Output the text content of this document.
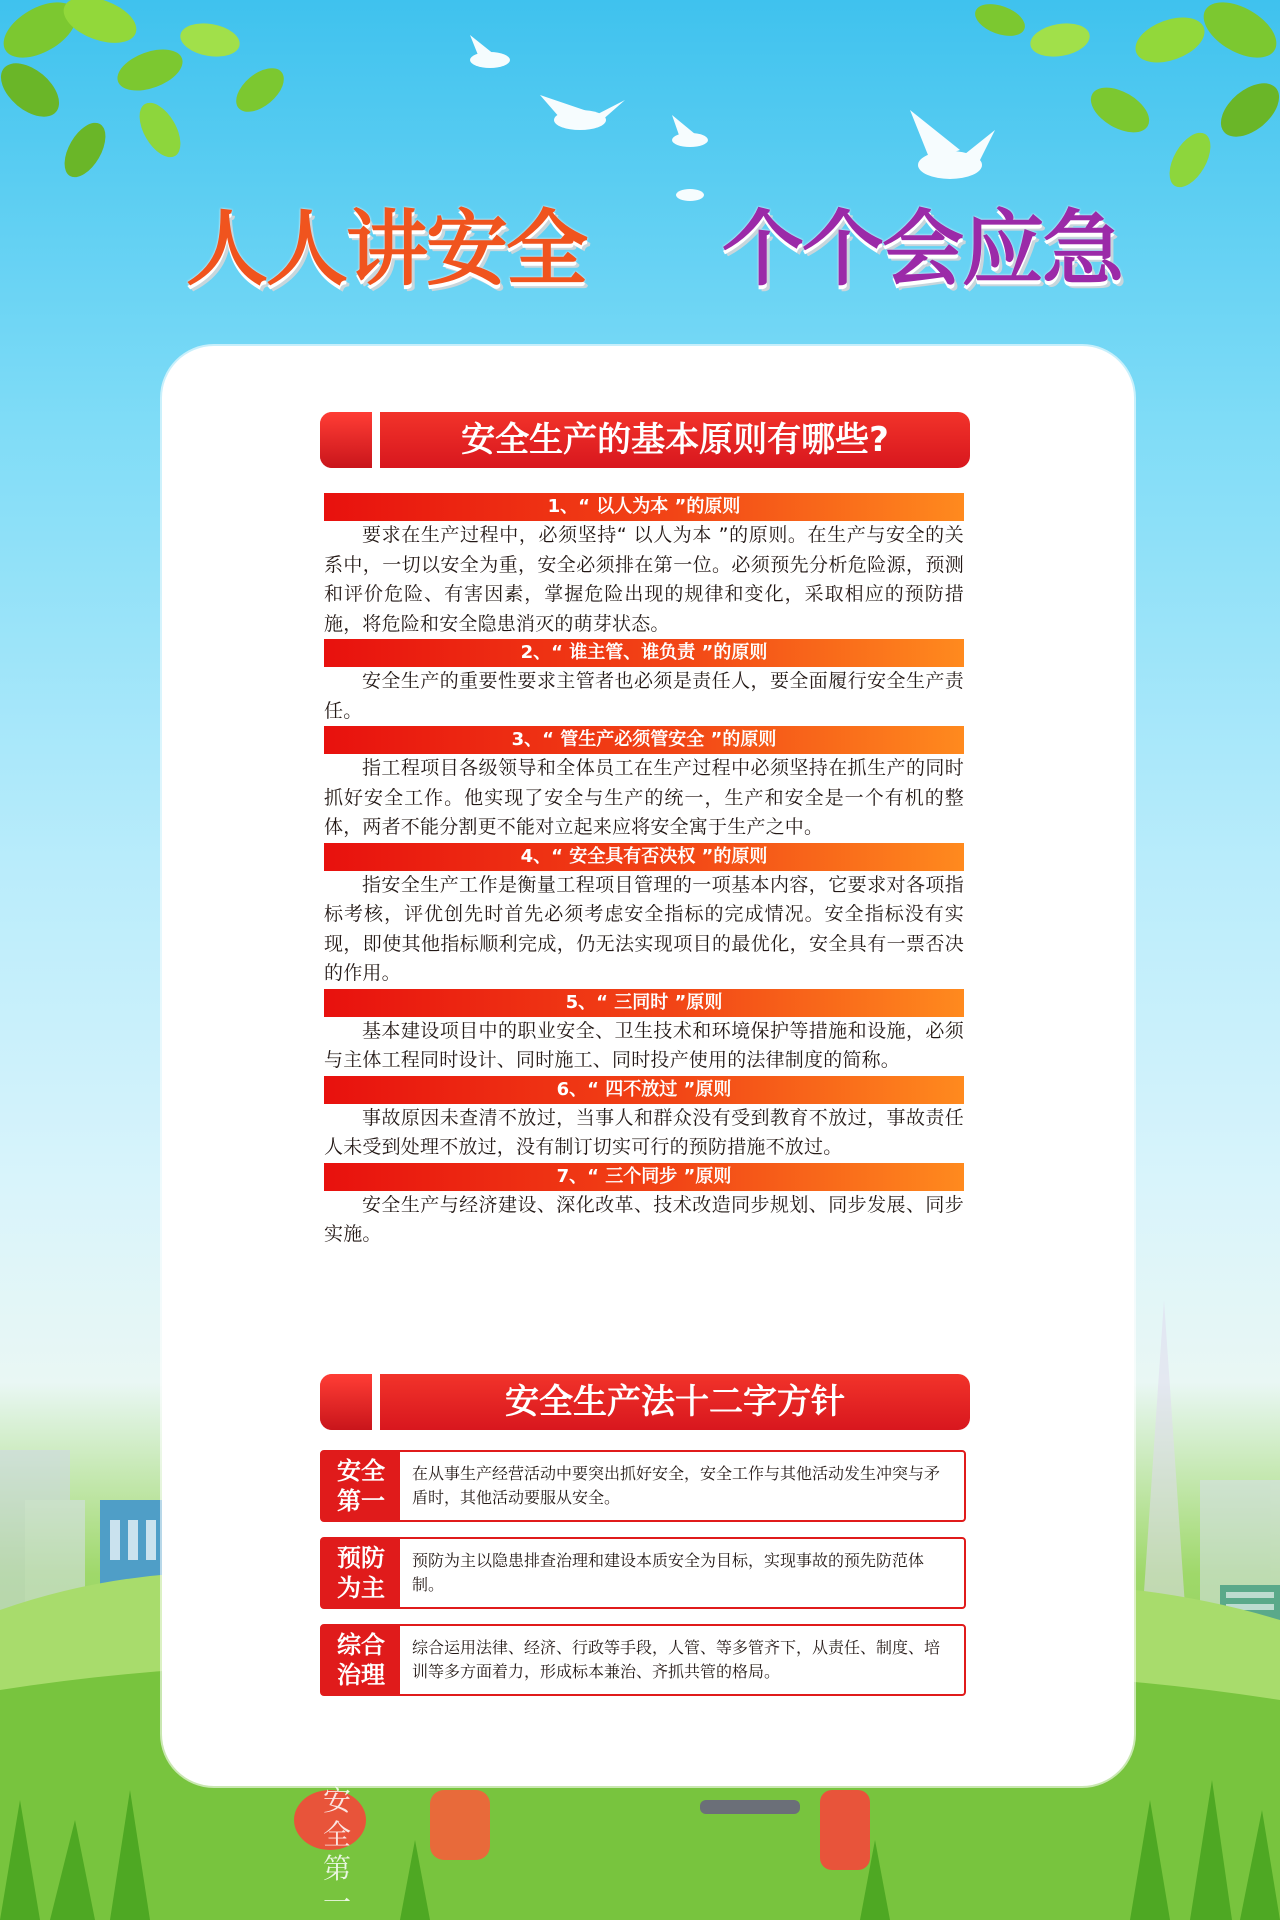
人人讲安全 个个会应急
安全生产的基本原则有哪些?
1、“ 以人为本 ”的原则
要求在生产过程中，必须坚持“ 以人为本 ”的原则。在生产与安全的关系中，一切以安全为重，安全必须排在第一位。必须预先分析危险源，预测和评价危险、有害因素，掌握危险出现的规律和变化，采取相应的预防措施，将危险和安全隐患消灭的萌芽状态。
2、“ 谁主管、谁负责 ”的原则
安全生产的重要性要求主管者也必须是责任人，要全面履行安全生产责任。
3、“ 管生产必须管安全 ”的原则
指工程项目各级领导和全体员工在生产过程中必须坚持在抓生产的同时抓好安全工作。他实现了安全与生产的统一，生产和安全是一个有机的整体，两者不能分割更不能对立起来应将安全寓于生产之中。
4、“ 安全具有否决权 ”的原则
指安全生产工作是衡量工程项目管理的一项基本内容，它要求对各项指标考核，评优创先时首先必须考虑安全指标的完成情况。安全指标没有实现，即使其他指标顺利完成，仍无法实现项目的最优化，安全具有一票否决的作用。
5、“ 三同时 ”原则
基本建设项目中的职业安全、卫生技术和环境保护等措施和设施，必须与主体工程同时设计、同时施工、同时投产使用的法律制度的简称。
6、“ 四不放过 ”原则
事故原因未查清不放过，当事人和群众没有受到教育不放过，事故责任人未受到处理不放过，没有制订切实可行的预防措施不放过。
7、“ 三个同步 ”原则
安全生产与经济建设、深化改革、技术改造同步规划、同步发展、同步实施。
安全生产法十二字方针
安全
第一
在从事生产经营活动中要突出抓好安全，安全工作与其他活动发生冲突与矛盾时，其他活动要服从安全。
预防
为主
预防为主以隐患排查治理和建设本质安全为目标，实现事故的预先防范体制。
综合
治理
综合运用法律、经济、行政等手段，人管、等多管齐下，从责任、制度、培训等多方面着力，形成标本兼治、齐抓共管的格局。
安全第一
